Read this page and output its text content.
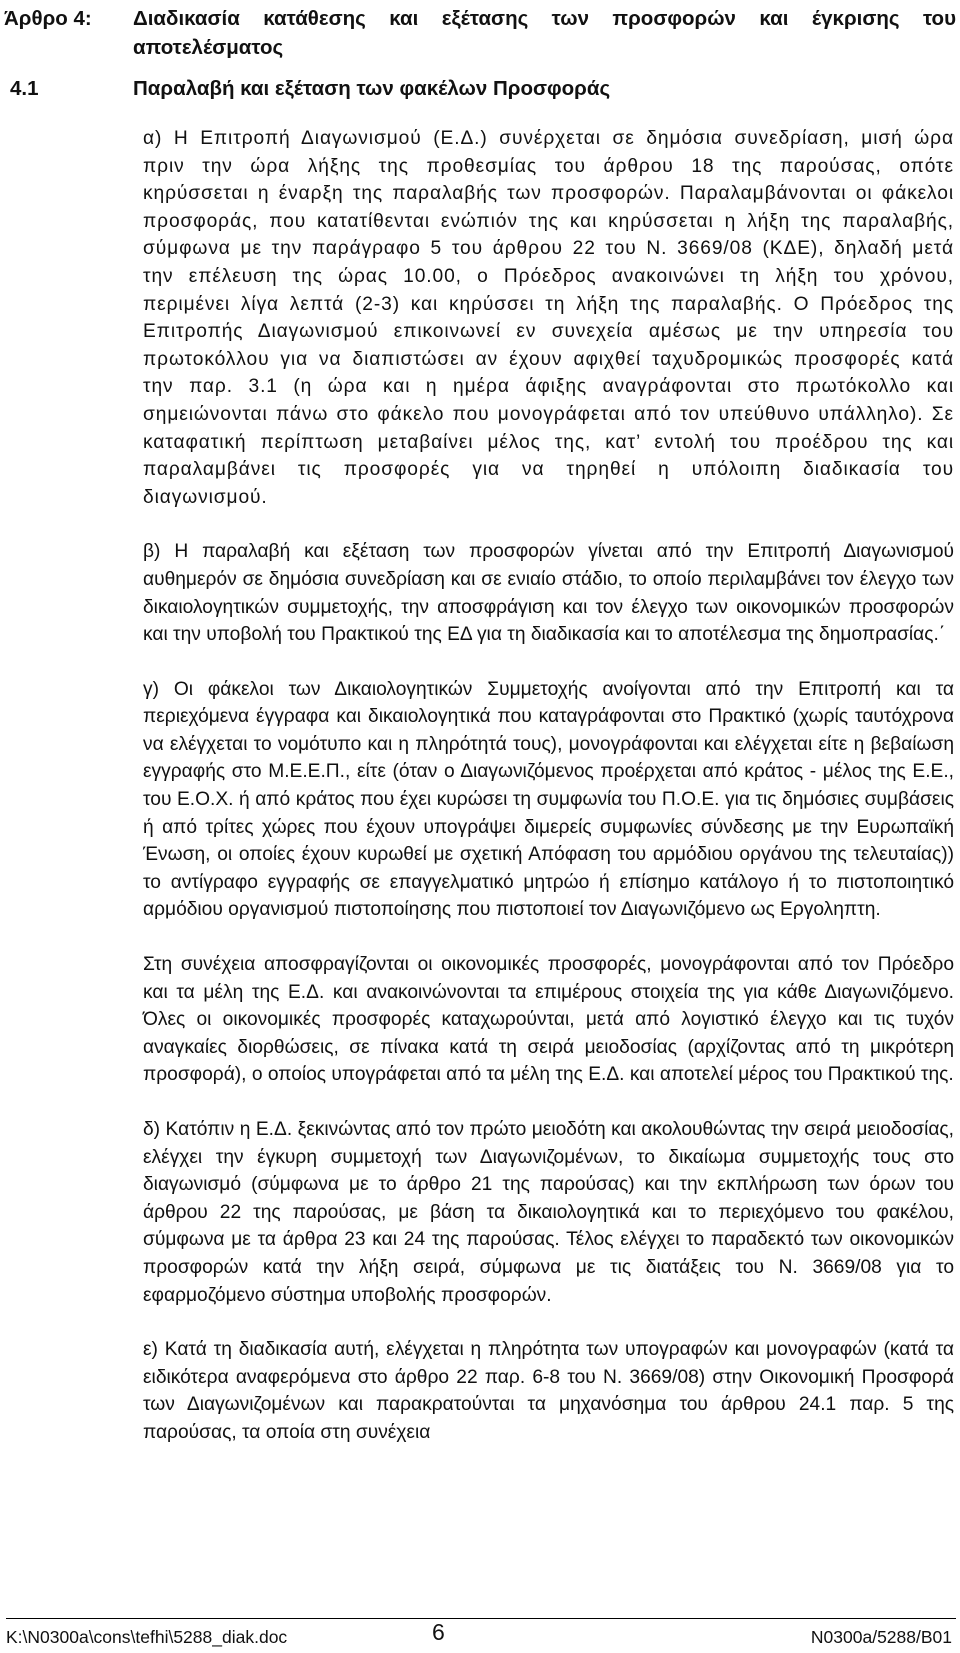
Άρθρο 4: Διαδικασία κατάθεσης και εξέτασης των προσφορών και έγκρισης του αποτελέσματος
4.1	Παραλαβή και εξέταση των φακέλων Προσφοράς

α) Η Επιτροπή Διαγωνισμού (Ε.Δ.) συνέρχεται σε δημόσια συνεδρίαση, μισή ώρα πριν την ώρα λήξης της προθεσμίας του άρθρου 18 της παρούσας, οπότε κηρύσσεται η έναρξη της παραλαβής των προσφορών. Παραλαμβάνονται οι φάκελοι προσφοράς, που κατατίθενται ενώπιόν της και κηρύσσεται η λήξη της παραλαβής, σύμφωνα με την παράγραφο 5 του άρθρου 22 του Ν. 3669/08 (ΚΔΕ), δηλαδή μετά την επέλευση της ώρας 10.00, ο Πρόεδρος ανακοινώνει τη λήξη του χρόνου, περιμένει λίγα λεπτά (2-3) και κηρύσσει τη λήξη της παραλαβής. Ο Πρόεδρος της Επιτροπής Διαγωνισμού επικοινωνεί εν συνεχεία αμέσως με την υπηρεσία του πρωτοκόλλου για να διαπιστώσει αν έχουν αφιχθεί ταχυδρομικώς προσφορές κατά την παρ. 3.1 (η ώρα και η ημέρα άφιξης αναγράφονται στο πρωτόκολλο και σημειώνονται πάνω στο φάκελο που μονογράφεται από τον υπεύθυνο υπάλληλο). Σε καταφατική περίπτωση μεταβαίνει μέλος της, κατ’ εντολή του προέδρου της και παραλαμβάνει τις προσφορές για να τηρηθεί η υπόλοιπη διαδικασία του διαγωνισμού.

β) Η παραλαβή και εξέταση των προσφορών γίνεται από την Επιτροπή Διαγωνισμού αυθημερόν σε δημόσια συνεδρίαση και σε ενιαίο στάδιο, το οποίο περιλαμβάνει τον έλεγχο των δικαιολογητικών συμμετοχής, την αποσφράγιση και τον έλεγχο των οικονομικών προσφορών και την υποβολή του Πρακτικού της ΕΔ για τη διαδικασία και το αποτέλεσμα της δημοπρασίας.΄

γ) Οι φάκελοι των Δικαιολογητικών Συμμετοχής ανοίγονται από την Επιτροπή και τα περιεχόμενα έγγραφα και δικαιολογητικά που καταγράφονται στο Πρακτικό (χωρίς ταυτόχρονα να ελέγχεται το νομότυπο και η πληρότητά τους), μονογράφονται και ελέγχεται είτε η βεβαίωση εγγραφής στο Μ.Ε.Ε.Π., είτε (όταν ο Διαγωνιζόμενος προέρχεται από κράτος - μέλος της Ε.Ε., του Ε.Ο.Χ. ή από κράτος που έχει κυρώσει τη συμφωνία του Π.Ο.Ε. για τις δημόσιες συμβάσεις ή από τρίτες χώρες που έχουν υπογράψει διμερείς συμφωνίες σύνδεσης με την Ευρωπαϊκή Ένωση, οι οποίες έχουν κυρωθεί με σχετική Απόφαση του αρμόδιου οργάνου της τελευταίας)) το αντίγραφο εγγραφής σε επαγγελματικό μητρώο ή επίσημο κατάλογο ή το πιστοποιητικό αρμόδιου οργανισμού πιστοποίησης που πιστοποιεί τον Διαγωνιζόμενο ως Εργοληπτη.

Στη συνέχεια αποσφραγίζονται οι οικονομικές προσφορές, μονογράφονται από τον Πρόεδρο και τα μέλη της Ε.Δ. και ανακοινώνονται τα επιμέρους στοιχεία της για κάθε Διαγωνιζόμενο. Όλες οι οικονομικές προσφορές καταχωρούνται, μετά από λογιστικό έλεγχο και τις τυχόν αναγκαίες διορθώσεις, σε πίνακα κατά τη σειρά μειοδοσίας (αρχίζοντας από τη μικρότερη προσφορά), ο οποίος υπογράφεται από τα μέλη της Ε.Δ. και αποτελεί μέρος του Πρακτικού της.

δ) Κατόπιν η Ε.Δ. ξεκινώντας από τον πρώτο μειοδότη και ακολουθώντας την σειρά μειοδοσίας, ελέγχει την έγκυρη συμμετοχή των Διαγωνιζομένων, το δικαίωμα συμμετοχής τους στο διαγωνισμό (σύμφωνα με το άρθρο 21 της παρούσας) και την εκπλήρωση των όρων του άρθρου 22 της παρούσας, με βάση τα δικαιολογητικά και το περιεχόμενο του φακέλου, σύμφωνα με τα άρθρα 23 και 24 της παρούσας. Τέλος ελέγχει το παραδεκτό των οικονομικών προσφορών κατά την λήξη σειρά, σύμφωνα με τις διατάξεις του Ν. 3669/08 για το εφαρμοζόμενο σύστημα υποβολής προσφορών.

ε) Κατά τη διαδικασία αυτή, ελέγχεται η πληρότητα των υπογραφών και μονογραφών (κατά τα ειδικότερα αναφερόμενα στο άρθρο 22 παρ. 6-8 του Ν. 3669/08) στην Οικονομική Προσφορά των Διαγωνιζομένων και παρακρατούνται τα μηχανόσημα του άρθρου 24.1 παρ. 5 της παρούσας, τα οποία στη συνέχεια

K:\N0300a\cons\tefhi\5288_diak.doc	6	N0300a/5288/B01
